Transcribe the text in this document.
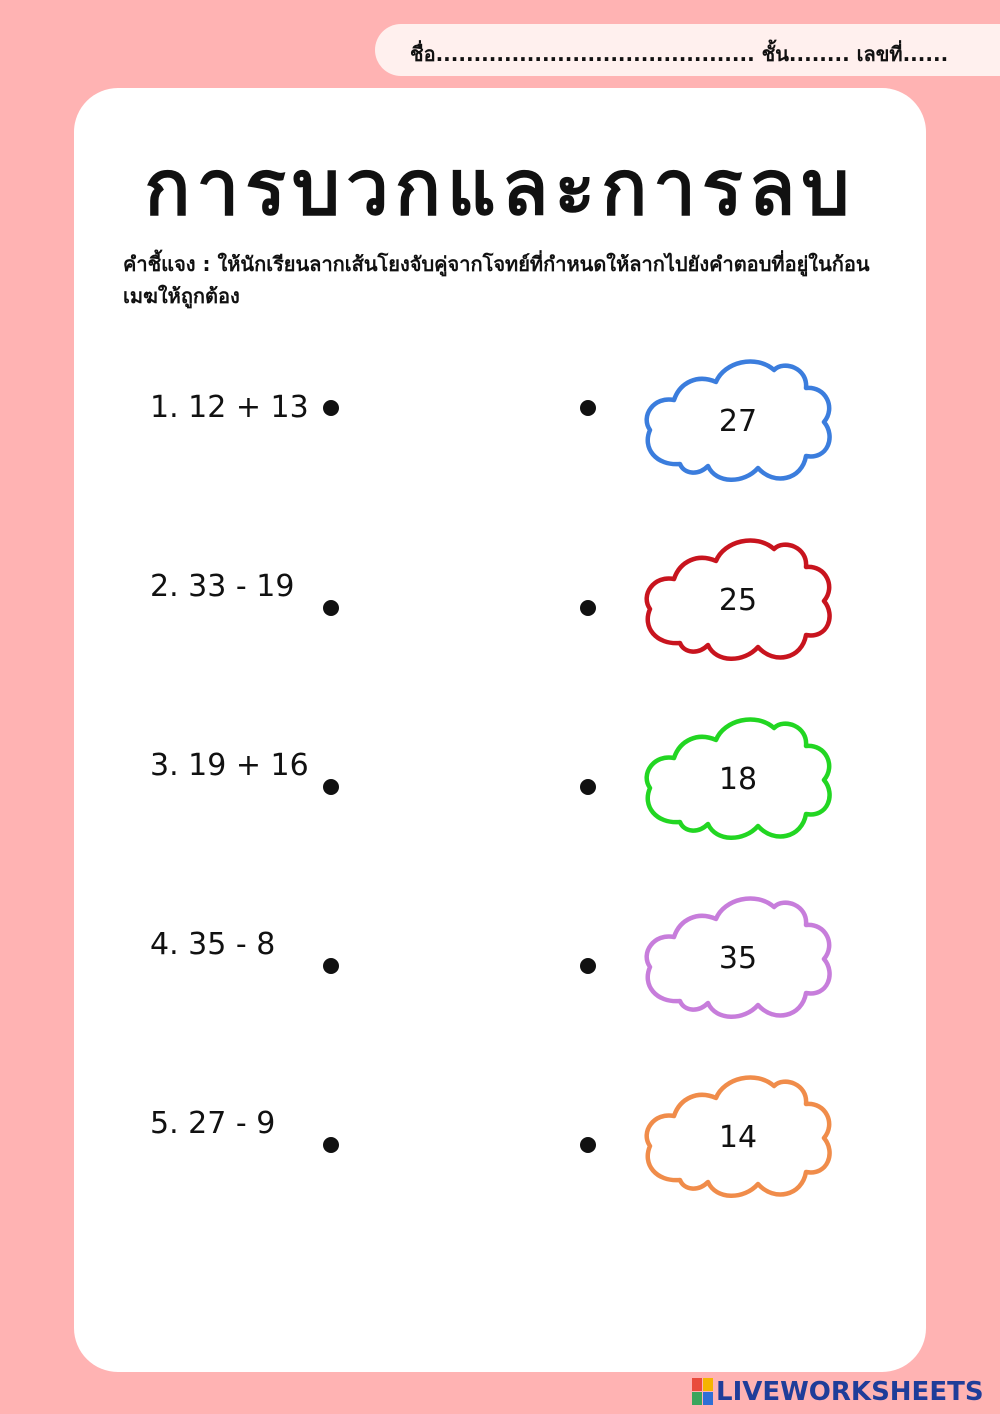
ชื่อ.......................................... ชั้น........ เลขที่......
การบวกและการลบ
คำชี้แจง : ให้นักเรียนลากเส้นโยงจับคู่จากโจทย์ที่กำหนดให้ลากไปยังคำตอบที่อยู่ในก้อนเมฆให้ถูกต้อง
1. 12 + 13
2. 33 - 19
3. 19 + 16
4. 35 - 8
5. 27 - 9
27
25
18
35
14
LIVEWORKSHEETS
